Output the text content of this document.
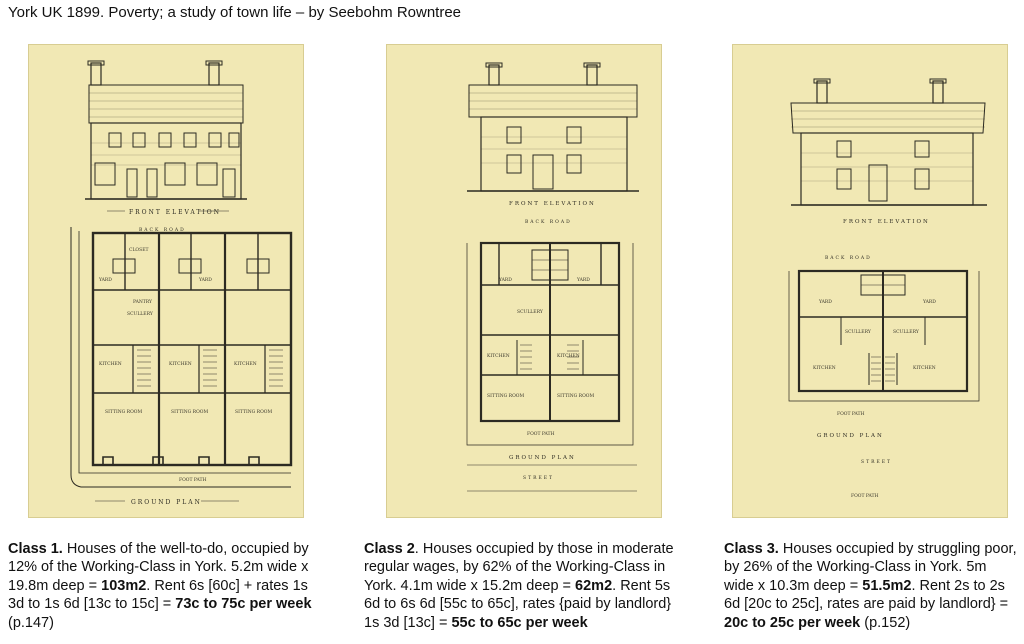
York UK 1899. Poverty; a study of town life – by Seebohm Rowntree
FRONT ELEVATION
BACK ROAD
YARD
CLOSET
SCULLERY
PANTRY
KITCHEN
SITTING ROOM
YARD
KITCHEN
SITTING ROOM
KITCHEN
SITTING ROOM
FOOT PATH
GROUND PLAN
FRONT ELEVATION
BACK ROAD
YARD	YARD
SCULLERY
KITCHEN	KITCHEN
SITTING ROOM	SITTING ROOM
FOOT PATH
GROUND PLAN
STREET
FRONT ELEVATION
BACK ROAD
YARD	YARD
SCULLERY	SCULLERY
KITCHEN	KITCHEN
FOOT PATH
GROUND PLAN
STREET
FOOT PATH
Class 1. Houses of the well-to-do, occupied by 12% of the Working-Class in York. 5.2m wide x 19.8m deep = 103m2. Rent 6s [60c] + rates 1s 3d to 1s 6d [13c to 15c] = 73c to 75c per week (p.147)
Class 2. Houses occupied by those in moderate regular wages, by 62% of the Working-Class in York. 4.1m wide x 15.2m deep = 62m2. Rent 5s 6d to 6s 6d [55c to 65c], rates {paid by landlord} 1s 3d [13c] = 55c to 65c per week
Class 3. Houses occupied by struggling poor, by 26% of the Working-Class in York. 5m wide x 10.3m deep = 51.5m2. Rent 2s to 2s 6d [20c to 25c], rates are paid by landlord} = 20c to 25c per week (p.152)
